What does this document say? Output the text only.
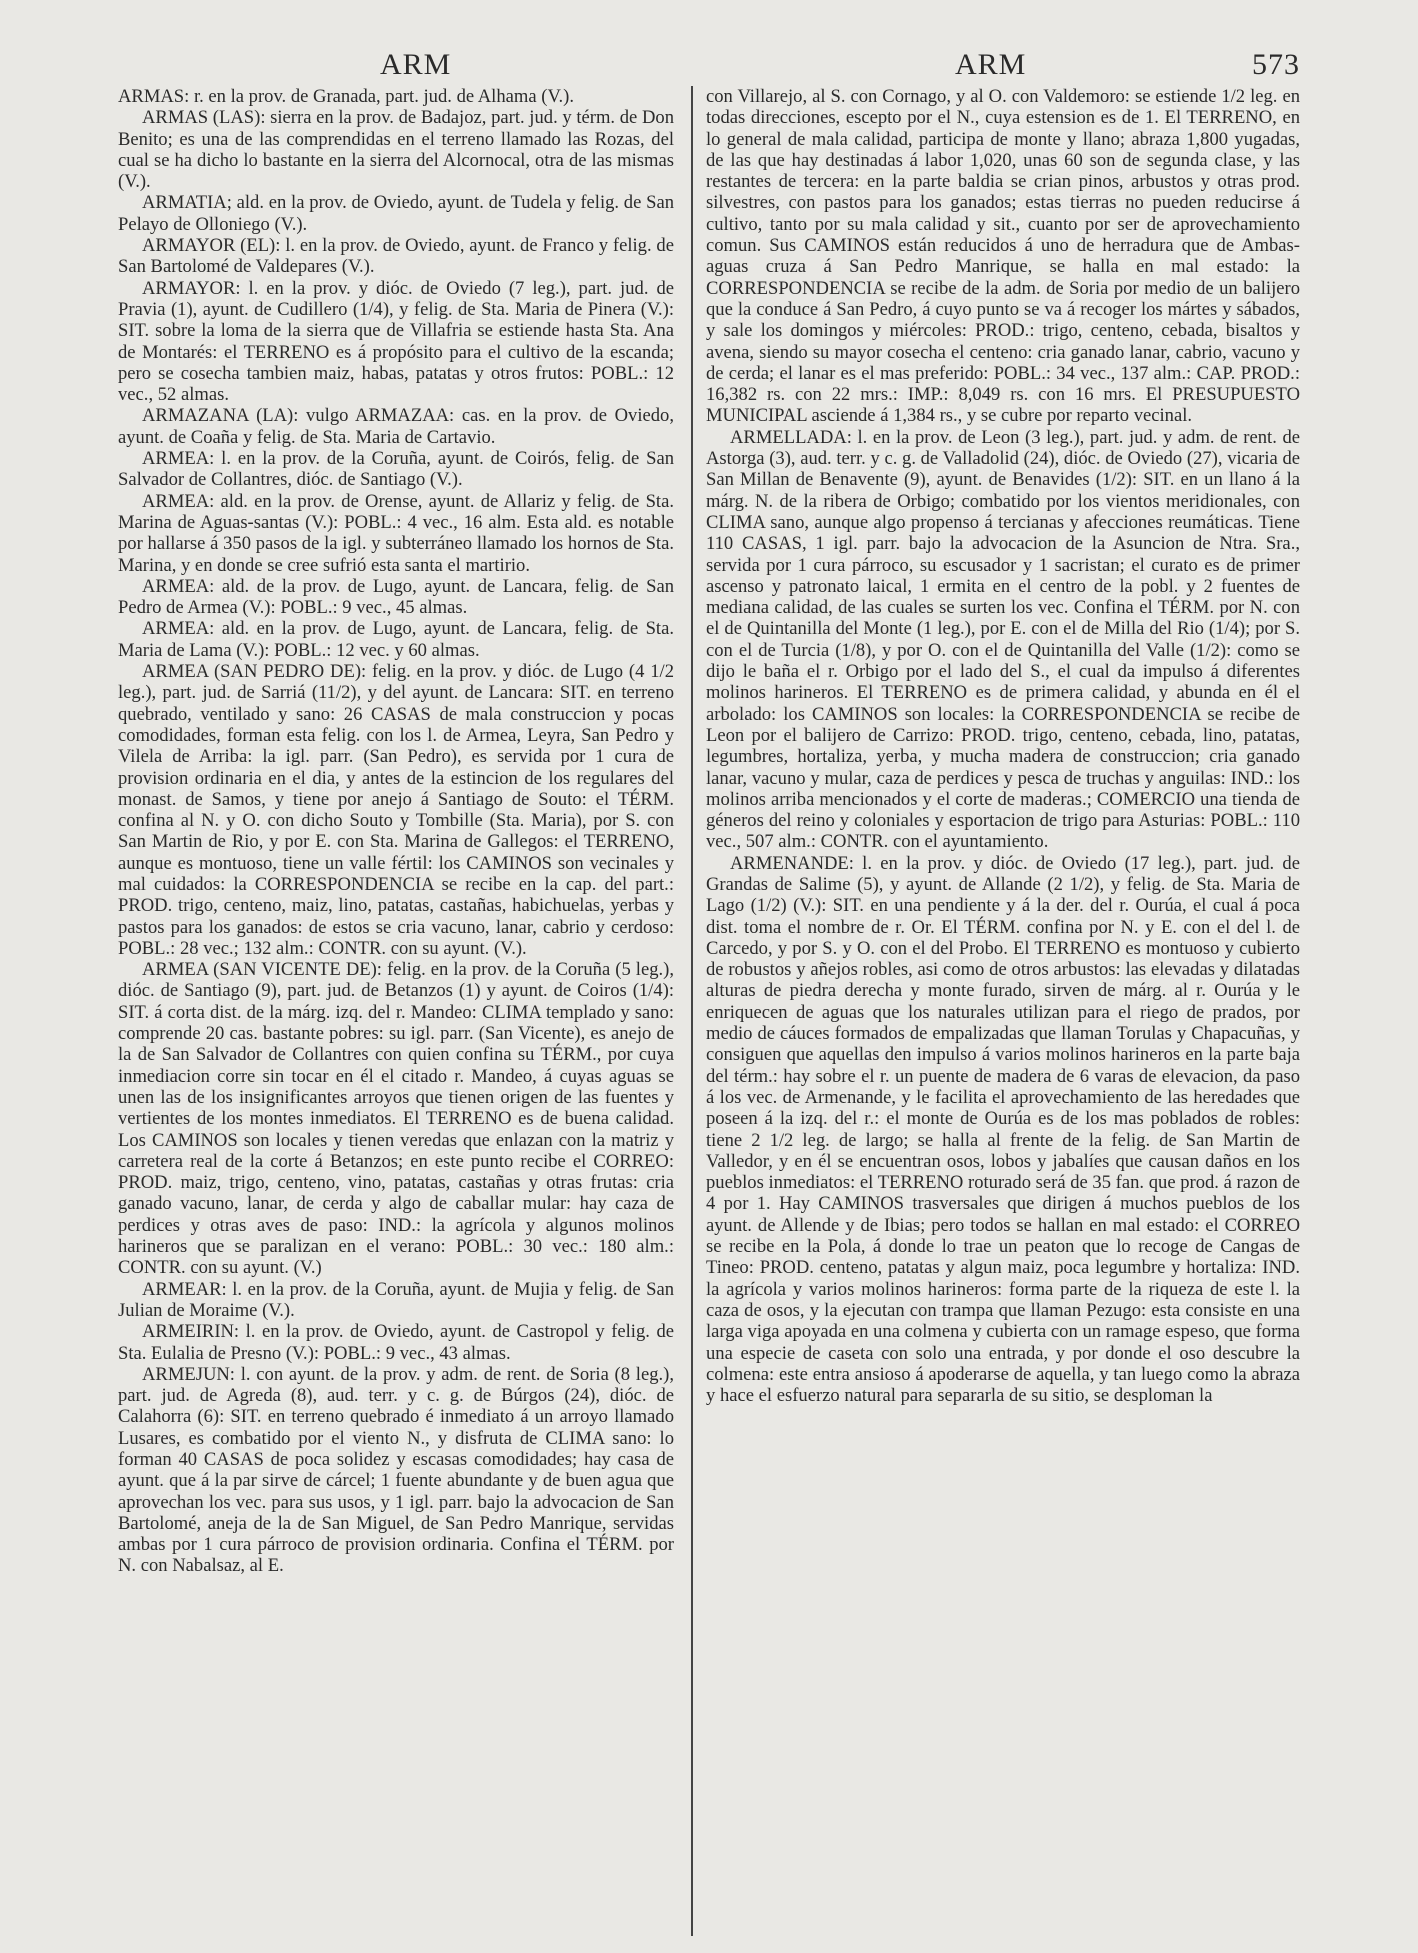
ARM	ARM	573

ARMAS: r. en la prov. de Granada, part. jud. de Alhama (V.).

ARMAS (LAS): sierra en la prov. de Badajoz, part. jud. y térm. de Don Benito; es una de las comprendidas en el terreno llamado las Rozas, del cual se ha dicho lo bastante en la sierra del Alcornocal, otra de las mismas (V.).

ARMATIA; ald. en la prov. de Oviedo, ayunt. de Tudela y felig. de San Pelayo de Olloniego (V.).

ARMAYOR (EL): l. en la prov. de Oviedo, ayunt. de Franco y felig. de San Bartolomé de Valdepares (V.).

ARMAYOR: l. en la prov. y dióc. de Oviedo (7 leg.), part. jud. de Pravia (1), ayunt. de Cudillero (1/4), y felig. de Sta. Maria de Pinera (V.): SIT. sobre la loma de la sierra que de Villafria se estiende hasta Sta. Ana de Montarés: el TERRENO es á propósito para el cultivo de la escanda; pero se cosecha tambien maiz, habas, patatas y otros frutos: POBL.: 12 vec., 52 almas.

ARMAZANA (LA): vulgo ARMAZAA: cas. en la prov. de Oviedo, ayunt. de Coaña y felig. de Sta. Maria de Cartavio.

ARMEA: l. en la prov. de la Coruña, ayunt. de Coirós, felig. de San Salvador de Collantres, dióc. de Santiago (V.).

ARMEA: ald. en la prov. de Orense, ayunt. de Allariz y felig. de Sta. Marina de Aguas-santas (V.): POBL.: 4 vec., 16 alm. Esta ald. es notable por hallarse á 350 pasos de la igl. y subterráneo llamado los hornos de Sta. Marina, y en donde se cree sufrió esta santa el martirio.

ARMEA: ald. de la prov. de Lugo, ayunt. de Lancara, felig. de San Pedro de Armea (V.): POBL.: 9 vec., 45 almas.

ARMEA: ald. en la prov. de Lugo, ayunt. de Lancara, felig. de Sta. Maria de Lama (V.): POBL.: 12 vec. y 60 almas.

ARMEA (SAN PEDRO DE): felig. en la prov. y dióc. de Lugo (4 1/2 leg.), part. jud. de Sarriá (11/2), y del ayunt. de Lancara: SIT. en terreno quebrado, ventilado y sano: 26 CASAS de mala construccion y pocas comodidades, forman esta felig. con los l. de Armea, Leyra, San Pedro y Vilela de Arriba: la igl. parr. (San Pedro), es servida por 1 cura de provision ordinaria en el dia, y antes de la estincion de los regulares del monast. de Samos, y tiene por anejo á Santiago de Souto: el TÉRM. confina al N. y O. con dicho Souto y Tombille (Sta. Maria), por S. con San Martin de Rio, y por E. con Sta. Marina de Gallegos: el TERRENO, aunque es montuoso, tiene un valle fértil: los CAMINOS son vecinales y mal cuidados: la CORRESPONDENCIA se recibe en la cap. del part.: PROD. trigo, centeno, maiz, lino, patatas, castañas, habichuelas, yerbas y pastos para los ganados: de estos se cria vacuno, lanar, cabrio y cerdoso: POBL.: 28 vec.; 132 alm.: CONTR. con su ayunt. (V.).

ARMEA (SAN VICENTE DE): felig. en la prov. de la Coruña (5 leg.), dióc. de Santiago (9), part. jud. de Betanzos (1) y ayunt. de Coiros (1/4): SIT. á corta dist. de la márg. izq. del r. Mandeo: CLIMA templado y sano: comprende 20 cas. bastante pobres: su igl. parr. (San Vicente), es anejo de la de San Salvador de Collantres con quien confina su TÉRM., por cuya inmediacion corre sin tocar en él el citado r. Mandeo, á cuyas aguas se unen las de los insignificantes arroyos que tienen origen de las fuentes y vertientes de los montes inmediatos. El TERRENO es de buena calidad. Los CAMINOS son locales y tienen veredas que enlazan con la matriz y carretera real de la corte á Betanzos; en este punto recibe el CORREO: PROD. maiz, trigo, centeno, vino, patatas, castañas y otras frutas: cria ganado vacuno, lanar, de cerda y algo de caballar mular: hay caza de perdices y otras aves de paso: IND.: la agrícola y algunos molinos harineros que se paralizan en el verano: POBL.: 30 vec.: 180 alm.: CONTR. con su ayunt. (V.)

ARMEAR: l. en la prov. de la Coruña, ayunt. de Mujia y felig. de San Julian de Moraime (V.).

ARMEIRIN: l. en la prov. de Oviedo, ayunt. de Castropol y felig. de Sta. Eulalia de Presno (V.): POBL.: 9 vec., 43 almas.

ARMEJUN: l. con ayunt. de la prov. y adm. de rent. de Soria (8 leg.), part. jud. de Agreda (8), aud. terr. y c. g. de Búrgos (24), dióc. de Calahorra (6): SIT. en terreno quebrado é inmediato á un arroyo llamado Lusares, es combatido por el viento N., y disfruta de CLIMA sano: lo forman 40 CASAS de poca solidez y escasas comodidades; hay casa de ayunt. que á la par sirve de cárcel; 1 fuente abundante y de buen agua que aprovechan los vec. para sus usos, y 1 igl. parr. bajo la advocacion de San Bartolomé, aneja de la de San Miguel, de San Pedro Manrique, servidas ambas por 1 cura párroco de provision ordinaria. Confina el TÉRM. por N. con Nabalsaz, al E.

con Villarejo, al S. con Cornago, y al O. con Valdemoro: se estiende 1/2 leg. en todas direcciones, escepto por el N., cuya estension es de 1. El TERRENO, en lo general de mala calidad, participa de monte y llano; abraza 1,800 yugadas, de las que hay destinadas á labor 1,020, unas 60 son de segunda clase, y las restantes de tercera: en la parte baldia se crian pinos, arbustos y otras prod. silvestres, con pastos para los ganados; estas tierras no pueden reducirse á cultivo, tanto por su mala calidad y sit., cuanto por ser de aprovechamiento comun. Sus CAMINOS están reducidos á uno de herradura que de Ambas-aguas cruza á San Pedro Manrique, se halla en mal estado: la CORRESPONDENCIA se recibe de la adm. de Soria por medio de un balijero que la conduce á San Pedro, á cuyo punto se va á recoger los mártes y sábados, y sale los domingos y miércoles: PROD.: trigo, centeno, cebada, bisaltos y avena, siendo su mayor cosecha el centeno: cria ganado lanar, cabrio, vacuno y de cerda; el lanar es el mas preferido: POBL.: 34 vec., 137 alm.: CAP. PROD.: 16,382 rs. con 22 mrs.: IMP.: 8,049 rs. con 16 mrs. El PRESUPUESTO MUNICIPAL asciende á 1,384 rs., y se cubre por reparto vecinal.

ARMELLADA: l. en la prov. de Leon (3 leg.), part. jud. y adm. de rent. de Astorga (3), aud. terr. y c. g. de Valladolid (24), dióc. de Oviedo (27), vicaria de San Millan de Benavente (9), ayunt. de Benavides (1/2): SIT. en un llano á la márg. N. de la ribera de Orbigo; combatido por los vientos meridionales, con CLIMA sano, aunque algo propenso á tercianas y afecciones reumáticas. Tiene 110 CASAS, 1 igl. parr. bajo la advocacion de la Asuncion de Ntra. Sra., servida por 1 cura párroco, su escusador y 1 sacristan; el curato es de primer ascenso y patronato laical, 1 ermita en el centro de la pobl. y 2 fuentes de mediana calidad, de las cuales se surten los vec. Confina el TÉRM. por N. con el de Quintanilla del Monte (1 leg.), por E. con el de Milla del Rio (1/4); por S. con el de Turcia (1/8), y por O. con el de Quintanilla del Valle (1/2): como se dijo le baña el r. Orbigo por el lado del S., el cual da impulso á diferentes molinos harineros. El TERRENO es de primera calidad, y abunda en él el arbolado: los CAMINOS son locales: la CORRESPONDENCIA se recibe de Leon por el balijero de Carrizo: PROD. trigo, centeno, cebada, lino, patatas, legumbres, hortaliza, yerba, y mucha madera de construccion; cria ganado lanar, vacuno y mular, caza de perdices y pesca de truchas y anguilas: IND.: los molinos arriba mencionados y el corte de maderas.; COMERCIO una tienda de géneros del reino y coloniales y esportacion de trigo para Asturias: POBL.: 110 vec., 507 alm.: CONTR. con el ayuntamiento.

ARMENANDE: l. en la prov. y dióc. de Oviedo (17 leg.), part. jud. de Grandas de Salime (5), y ayunt. de Allande (2 1/2), y felig. de Sta. Maria de Lago (1/2) (V.): SIT. en una pendiente y á la der. del r. Ourúa, el cual á poca dist. toma el nombre de r. Or. El TÉRM. confina por N. y E. con el del l. de Carcedo, y por S. y O. con el del Probo. El TERRENO es montuoso y cubierto de robustos y añejos robles, asi como de otros arbustos: las elevadas y dilatadas alturas de piedra derecha y monte furado, sirven de márg. al r. Ourúa y le enriquecen de aguas que los naturales utilizan para el riego de prados, por medio de cáuces formados de empalizadas que llaman Torulas y Chapacuñas, y consiguen que aquellas den impulso á varios molinos harineros en la parte baja del térm.: hay sobre el r. un puente de madera de 6 varas de elevacion, da paso á los vec. de Armenande, y le facilita el aprovechamiento de las heredades que poseen á la izq. del r.: el monte de Ourúa es de los mas poblados de robles: tiene 2 1/2 leg. de largo; se halla al frente de la felig. de San Martin de Valledor, y en él se encuentran osos, lobos y jabalíes que causan daños en los pueblos inmediatos: el TERRENO roturado será de 35 fan. que prod. á razon de 4 por 1. Hay CAMINOS trasversales que dirigen á muchos pueblos de los ayunt. de Allende y de Ibias; pero todos se hallan en mal estado: el CORREO se recibe en la Pola, á donde lo trae un peaton que lo recoge de Cangas de Tineo: PROD. centeno, patatas y algun maiz, poca legumbre y hortaliza: IND. la agrícola y varios molinos harineros: forma parte de la riqueza de este l. la caza de osos, y la ejecutan con trampa que llaman Pezugo: esta consiste en una larga viga apoyada en una colmena y cubierta con un ramage espeso, que forma una especie de caseta con solo una entrada, y por donde el oso descubre la colmena: este entra ansioso á apoderarse de aquella, y tan luego como la abraza y hace el esfuerzo natural para separarla de su sitio, se desploman la
